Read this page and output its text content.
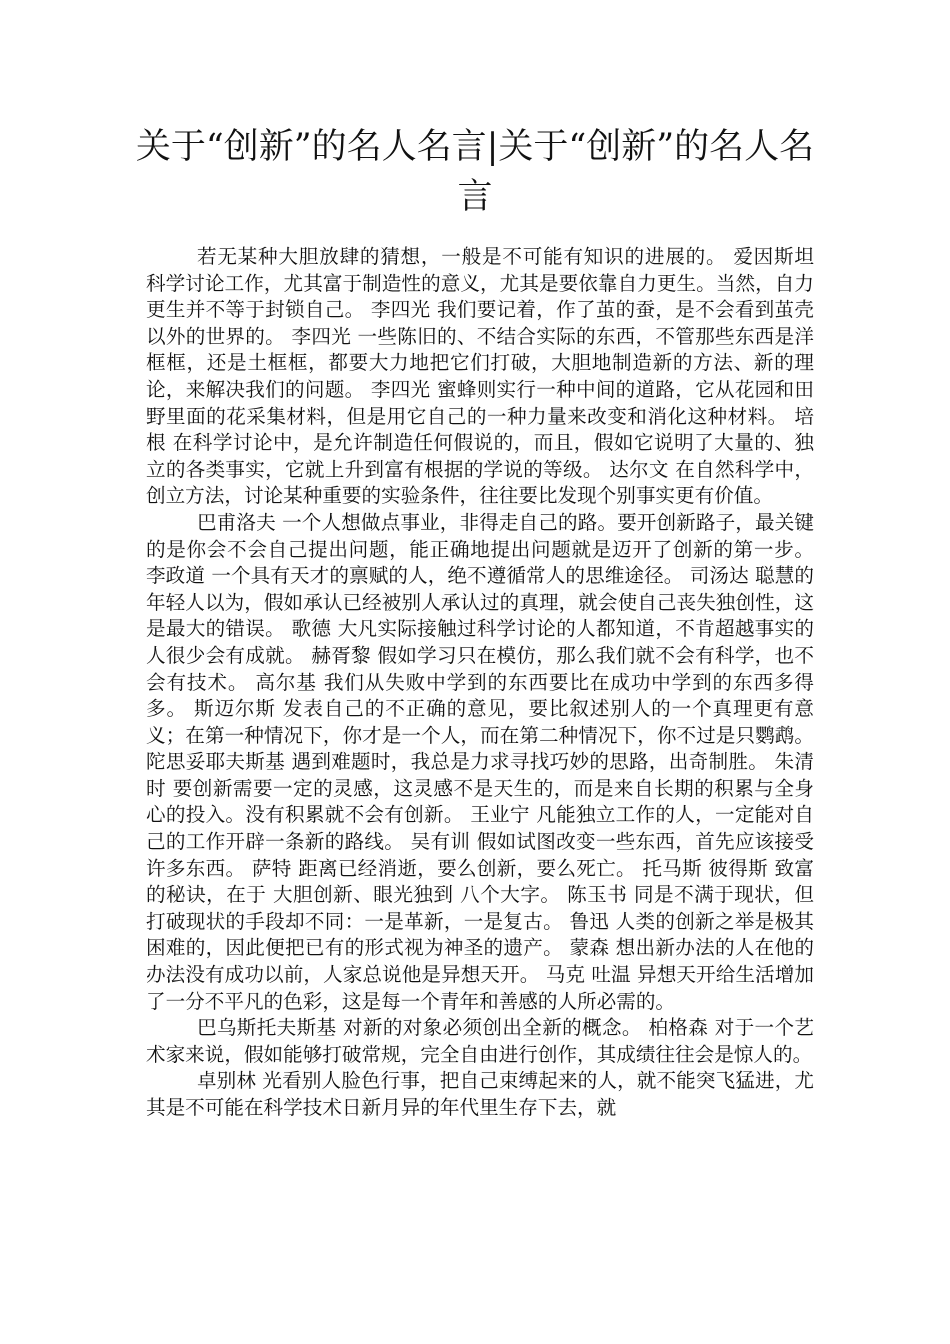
关于“创新”的名人名言|关于“创新”的名人名言

若无某种大胆放肆的猜想，一般是不可能有知识的进展的。 爱因斯坦 科学讨论工作，尤其富于制造性的意义，尤其是要依靠自力更生。当然，自力更生并不等于封锁自己。 李四光 我们要记着，作了茧的蚕，是不会看到茧壳以外的世界的。 李四光 一些陈旧的、不结合实际的东西，不管那些东西是洋框框，还是土框框，都要大力地把它们打破，大胆地制造新的方法、新的理论，来解决我们的问题。 李四光 蜜蜂则实行一种中间的道路，它从花园和田野里面的花采集材料，但是用它自己的一种力量来改变和消化这种材料。 培根 在科学讨论中，是允许制造任何假说的，而且，假如它说明了大量的、独立的各类事实，它就上升到富有根据的学说的等级。 达尔文 在自然科学中，创立方法，讨论某种重要的实验条件，往往要比发现个别事实更有价值。

巴甫洛夫 一个人想做点事业，非得走自己的路。要开创新路子，最关键的是你会不会自己提出问题，能正确地提出问题就是迈开了创新的第一步。 李政道 一个具有天才的禀赋的人，绝不遵循常人的思维途径。 司汤达 聪慧的年轻人以为，假如承认已经被别人承认过的真理，就会使自己丧失独创性，这是最大的错误。 歌德 大凡实际接触过科学讨论的人都知道，不肯超越事实的人很少会有成就。 赫胥黎 假如学习只在模仿，那么我们就不会有科学，也不会有技术。 高尔基 我们从失败中学到的东西要比在成功中学到的东西多得多。 斯迈尔斯 发表自己的不正确的意见，要比叙述别人的一个真理更有意义；在第一种情况下，你才是一个人，而在第二种情况下，你不过是只鹦鹉。 陀思妥耶夫斯基 遇到难题时，我总是力求寻找巧妙的思路，出奇制胜。 朱清时 要创新需要一定的灵感，这灵感不是天生的，而是来自长期的积累与全身心的投入。没有积累就不会有创新。 王业宁 凡能独立工作的人，一定能对自己的工作开辟一条新的路线。 吴有训 假如试图改变一些东西，首先应该接受许多东西。 萨特 距离已经消逝，要么创新，要么死亡。 托马斯 彼得斯 致富的秘诀，在于 大胆创新、眼光独到 八个大字。 陈玉书 同是不满于现状，但打破现状的手段却不同：一是革新，一是复古。 鲁迅 人类的创新之举是极其困难的，因此便把已有的形式视为神圣的遗产。 蒙森 想出新办法的人在他的办法没有成功以前，人家总说他是异想天开。 马克 吐温 异想天开给生活增加了一分不平凡的色彩，这是每一个青年和善感的人所必需的。

巴乌斯托夫斯基 对新的对象必须创出全新的概念。 柏格森 对于一个艺术家来说，假如能够打破常规，完全自由进行创作，其成绩往往会是惊人的。

卓别林 光看别人脸色行事，把自己束缚起来的人，就不能突飞猛进，尤其是不可能在科学技术日新月异的年代里生存下去，就
